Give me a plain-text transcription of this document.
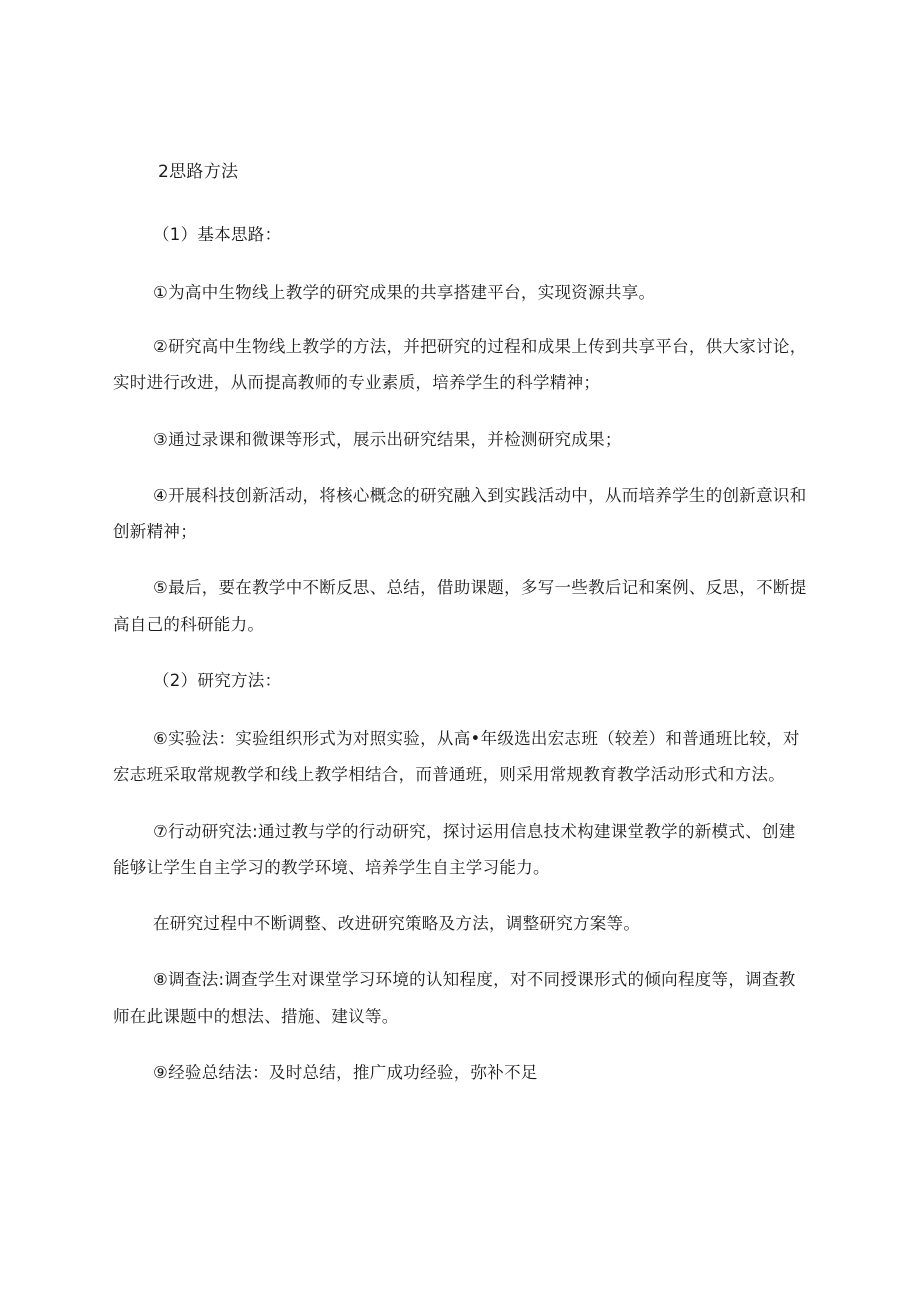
2思路方法

（1）基本思路：

①为高中生物线上教学的研究成果的共享搭建平台，实现资源共享。

②研究高中生物线上教学的方法，并把研究的过程和成果上传到共享平台，供大家讨论，

实时进行改进，从而提高教师的专业素质，培养学生的科学精神；

③通过录课和微课等形式，展示出研究结果，并检测研究成果；

④开展科技创新活动，将核心概念的研究融入到实践活动中，从而培养学生的创新意识和

创新精神；

⑤最后，要在教学中不断反思、总结，借助课题，多写一些教后记和案例、反思，不断提

高自己的科研能力。

（2）研究方法：

⑥实验法：实验组织形式为对照实验，从高•年级选出宏志班（较差）和普通班比较，对

宏志班采取常规教学和线上教学相结合，而普通班，则采用常规教育教学活动形式和方法。

⑦行动研究法:通过教与学的行动研究，探讨运用信息技术构建课堂教学的新模式、创建

能够让学生自主学习的教学环境、培养学生自主学习能力。

在研究过程中不断调整、改进研究策略及方法，调整研究方案等。

⑧调查法:调查学生对课堂学习环境的认知程度，对不同授课形式的倾向程度等，调查教

师在此课题中的想法、措施、建议等。

⑨经验总结法：及时总结，推广成功经验，弥补不足
